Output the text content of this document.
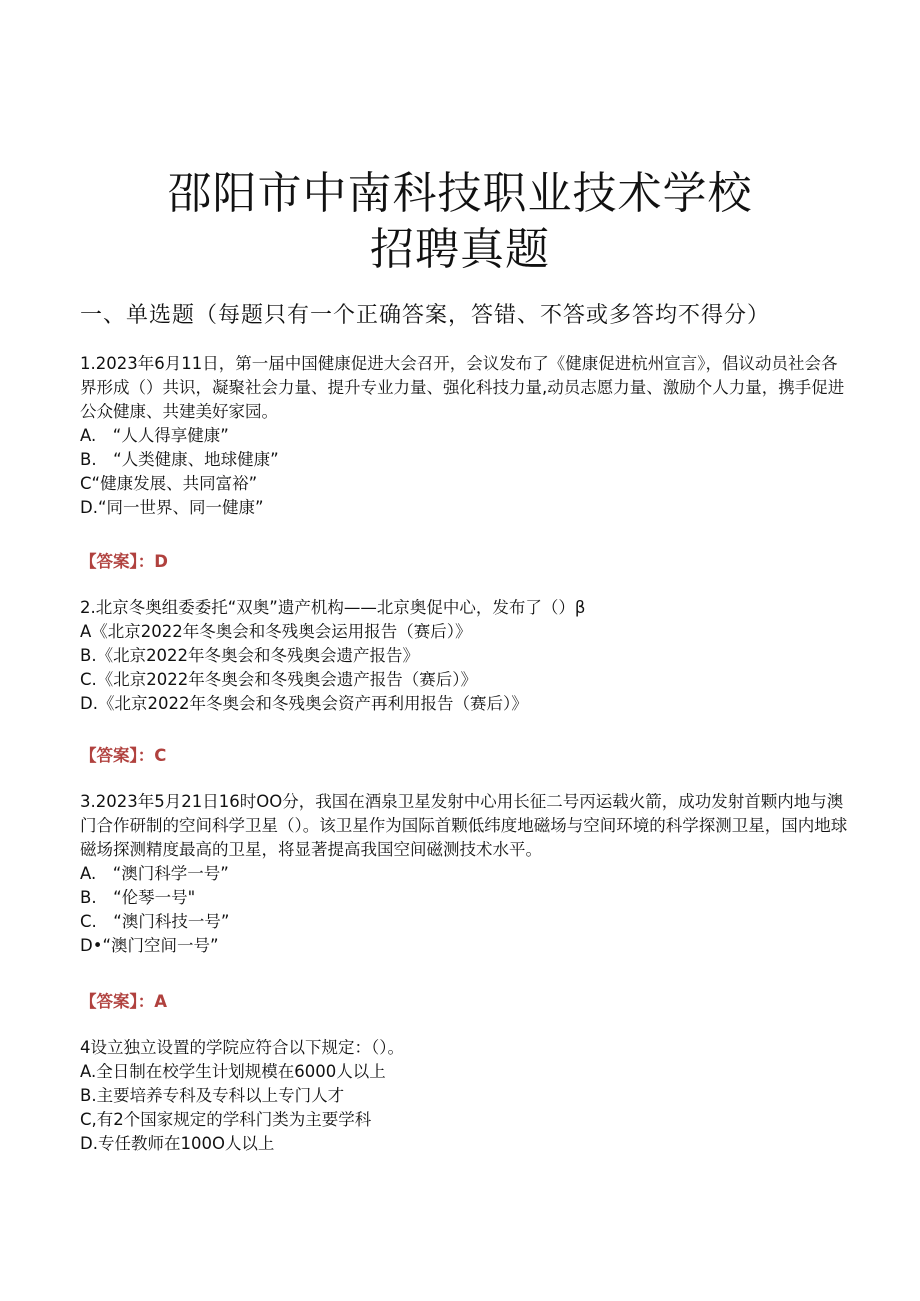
邵阳市中南科技职业技术学校
招聘真题
一、单选题（每题只有一个正确答案，答错、不答或多答均不得分）

1.2023年6月11日，第一届中国健康促进大会召开，会议发布了《健康促进杭州宣言》，倡议动员社会各界形成（）共识，凝聚社会力量、提升专业力量、强化科技力量,动员志愿力量、激励个人力量，携手促进公众健康、共建美好家园。

A.　“人人得享健康”
B.　“人类健康、地球健康”
C“健康发展、共同富裕”
D.“同一世界、同一健康”
【答案】：D

2.北京冬奥组委委托“双奥”遗产机构——北京奥促中心，发布了（）β

A《北京2022年冬奥会和冬残奥会运用报告（赛后）》
B.《北京2022年冬奥会和冬残奥会遗产报告》
C.《北京2022年冬奥会和冬残奥会遗产报告（赛后）》
D.《北京2022年冬奥会和冬残奥会资产再利用报告（赛后）》
【答案】：C

3.2023年5月21日16时OO分，我国在酒泉卫星发射中心用长征二号丙运载火箭，成功发射首颗内地与澳门合作研制的空间科学卫星（）。该卫星作为国际首颗低纬度地磁场与空间环境的科学探测卫星，国内地球磁场探测精度最高的卫星，将显著提高我国空间磁测技术水平。

A.　“澳门科学一号”
B.　“伦琴一号"
C.　“澳门科技一号”
D•“澳门空间一号”
【答案】：A

4设立独立设置的学院应符合以下规定：（）。

A.全日制在校学生计划规模在6000人以上
B.主要培养专科及专科以上专门人才
C,有2个国家规定的学科门类为主要学科
D.专任教师在100O人以上
